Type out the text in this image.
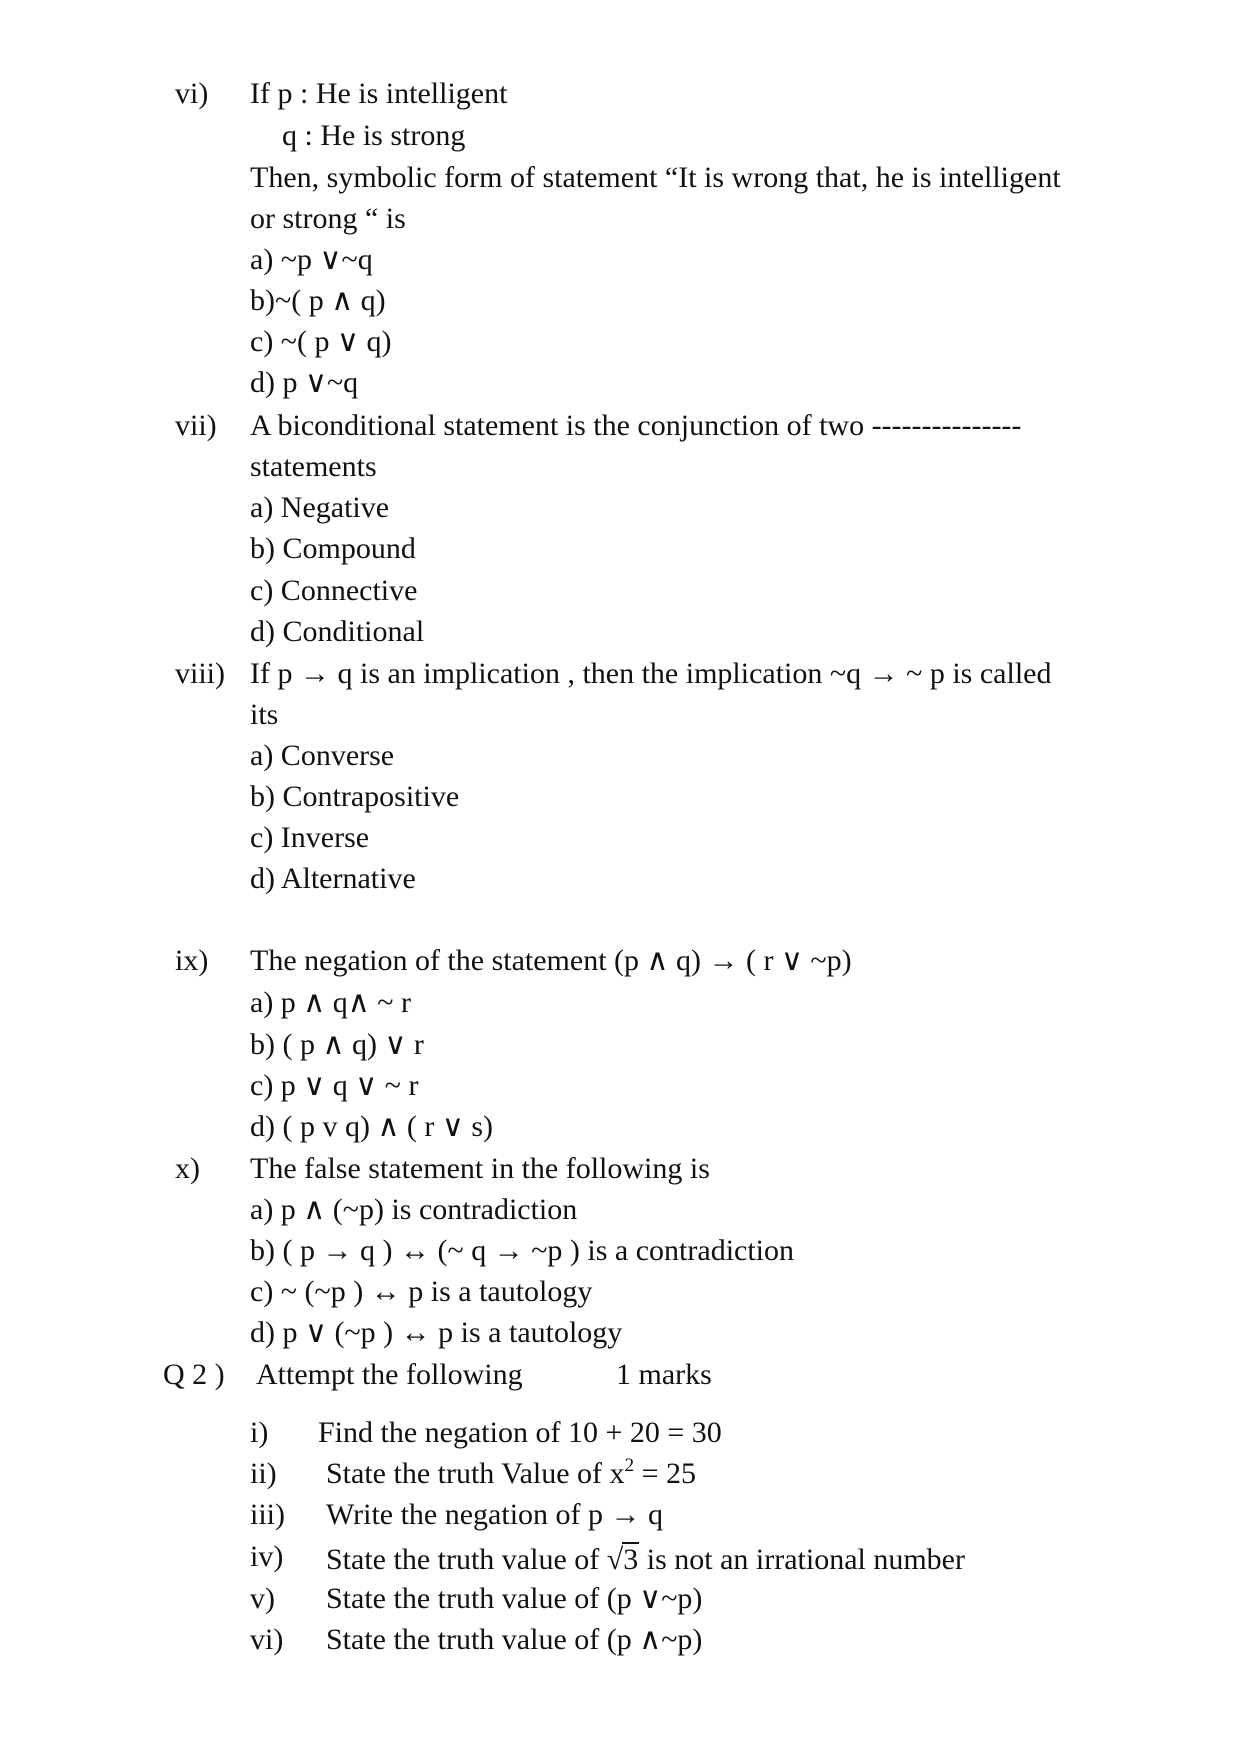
vi) If p : He is intelligent
q : He is strong
Then, symbolic form of statement “It is wrong that, he is intelligent
or strong “ is
a) ~p ∨~q
b)~( p ∧ q)
c) ~( p ∨ q)
d) p ∨~q
vii) A biconditional statement is the conjunction of two ---------------
statements
a) Negative
b) Compound
c) Connective
d) Conditional
viii) If p → q is an implication , then the implication ~q → ~ p is called
its
a) Converse
b) Contrapositive
c) Inverse
d) Alternative
ix) The negation of the statement (p ∧ q) → ( r ∨ ~p)
a) p ∧ q∧ ~ r
b) ( p ∧ q) ∨ r
c) p ∨ q ∨ ~ r
d) ( p v q) ∧ ( r ∨ s)
x) The false statement in the following is
a) p ∧ (~p) is contradiction
b) ( p → q ) ↔ (~ q → ~p ) is a contradiction
c) ~ (~p ) ↔ p is a tautology
d) p ∨ (~p ) ↔ p is a tautology
Q 2 ) Attempt the following	1 marks
i) Find the negation of 10 + 20 = 30
ii) State the truth Value of $x^2 = 25$
iii) Write the negation of p → q
iv) State the truth value of √3 is not an irrational number
v) State the truth value of (p ∨~p)
vi) State the truth value of (p ∧~p)
